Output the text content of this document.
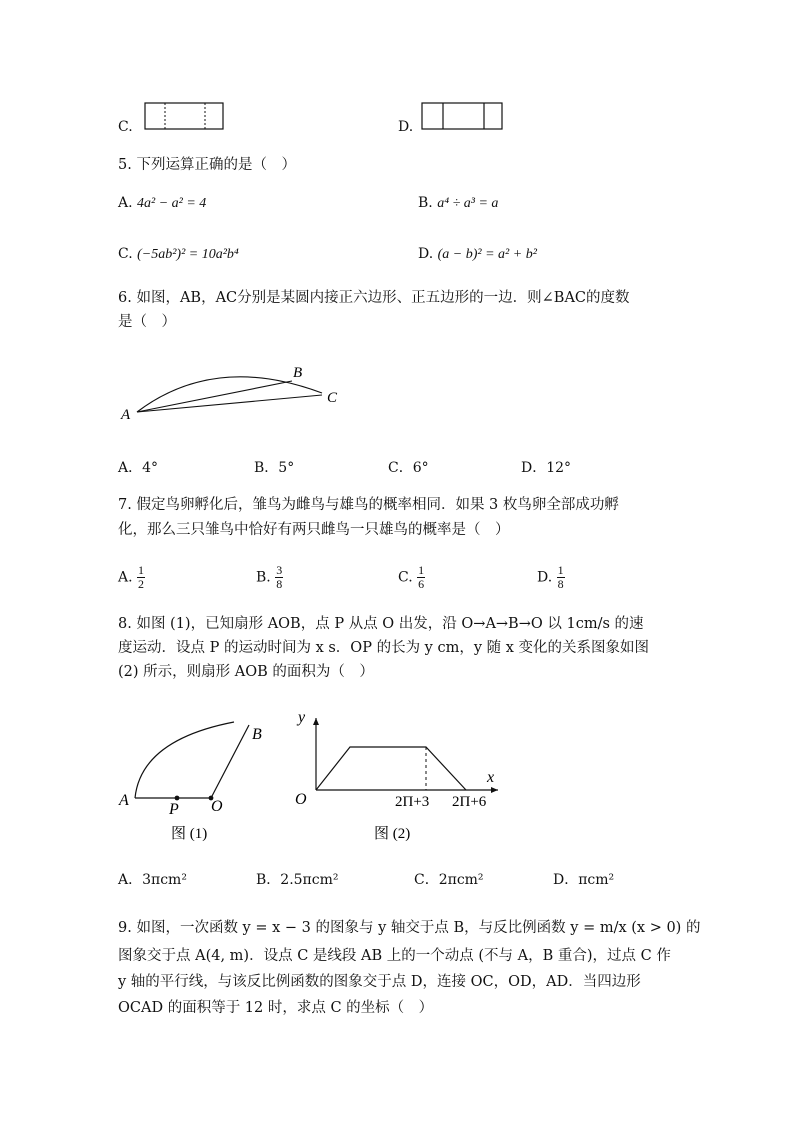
C.	D.
5. 下列运算正确的是（　）
A. 4a² − a² = 4	B. a⁴ ÷ a³ = a
C. (−5ab²)² = 10a²b⁴	D. (a − b)² = a² + b²
6. 如图，AB，AC分别是某圆内接正六边形、正五边形的一边．则∠BAC的度数
是（　）
A
B
C
A．4°	B．5°	C．6°	D．12°
7. 假定鸟卵孵化后，雏鸟为雌鸟与雄鸟的概率相同．如果 3 枚鸟卵全部成功孵
化，那么三只雏鸟中恰好有两只雌鸟一只雄鸟的概率是（　）
A. $\frac{1}{2}$	B. $\frac{3}{8}$	C. $\frac{1}{6}$	D. $\frac{1}{8}$
8. 如图 (1)，已知扇形 AOB，点 P 从点 O 出发，沿 O→A→B→O 以 1cm/s 的速
度运动．设点 P 的运动时间为 x s．OP 的长为 y cm，y 随 x 变化的关系图象如图
(2) 所示，则扇形 AOB 的面积为（　）
A
B
P O
图 (1)
y
x
O	2Π+3 2Π+6
图 (2)
A．3πcm²	B．2.5πcm²	C．2πcm²	D．πcm²
9. 如图，一次函数 y = x − 3 的图象与 y 轴交于点 B，与反比例函数 y = m/x (x > 0) 的
图象交于点 A(4, m)．设点 C 是线段 AB 上的一个动点 (不与 A，B 重合)，过点 C 作
y 轴的平行线，与该反比例函数的图象交于点 D，连接 OC，OD，AD．当四边形
OCAD 的面积等于 12 时，求点 C 的坐标（　）
